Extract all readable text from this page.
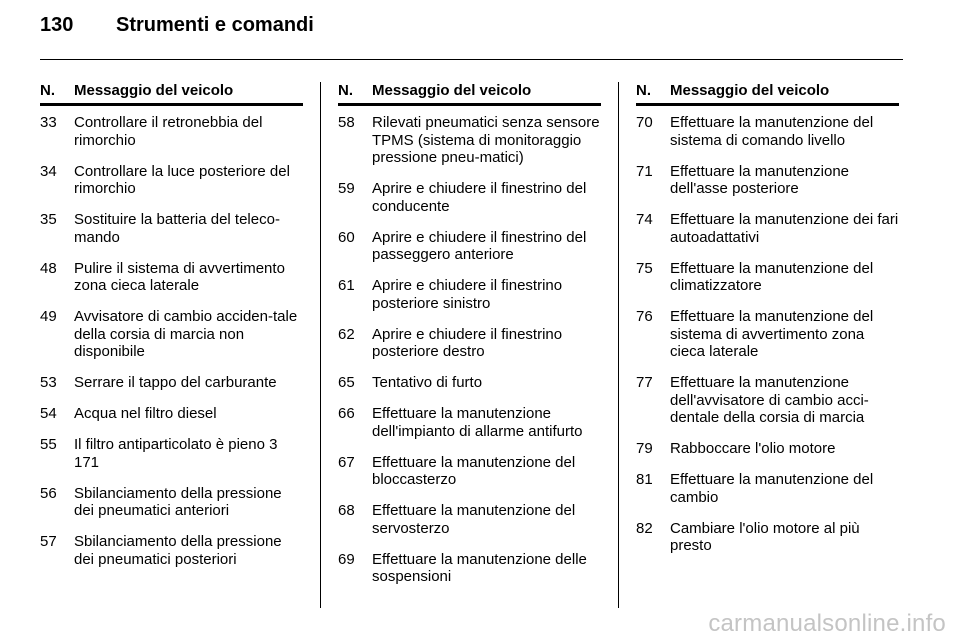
130	Strumenti e comandi
N.	Messaggio del veicolo
33	Controllare il retronebbia del rimorchio
34	Controllare la luce posteriore del rimorchio
35	Sostituire la batteria del teleco-mando
48	Pulire il sistema di avvertimento zona cieca laterale
49	Avvisatore di cambio acciden-tale della corsia di marcia non disponibile
53	Serrare il tappo del carburante
54	Acqua nel filtro diesel
55	Il filtro antiparticolato è pieno 3 171
56	Sbilanciamento della pressione dei pneumatici anteriori
57	Sbilanciamento della pressione dei pneumatici posteriori
N.	Messaggio del veicolo
58	Rilevati pneumatici senza sensore TPMS (sistema di monitoraggio pressione pneu-matici)
59	Aprire e chiudere il finestrino del conducente
60	Aprire e chiudere il finestrino del passeggero anteriore
61	Aprire e chiudere il finestrino posteriore sinistro
62	Aprire e chiudere il finestrino posteriore destro
65	Tentativo di furto
66	Effettuare la manutenzione dell'impianto di allarme antifurto
67	Effettuare la manutenzione del bloccasterzo
68	Effettuare la manutenzione del servosterzo
69	Effettuare la manutenzione delle sospensioni
N.	Messaggio del veicolo
70	Effettuare la manutenzione del sistema di comando livello
71	Effettuare la manutenzione dell'asse posteriore
74	Effettuare la manutenzione dei fari autoadattativi
75	Effettuare la manutenzione del climatizzatore
76	Effettuare la manutenzione del sistema di avvertimento zona cieca laterale
77	Effettuare la manutenzione dell'avvisatore di cambio acci-dentale della corsia di marcia
79	Rabboccare l'olio motore
81	Effettuare la manutenzione del cambio
82	Cambiare l'olio motore al più presto
carmanualsonline.info
